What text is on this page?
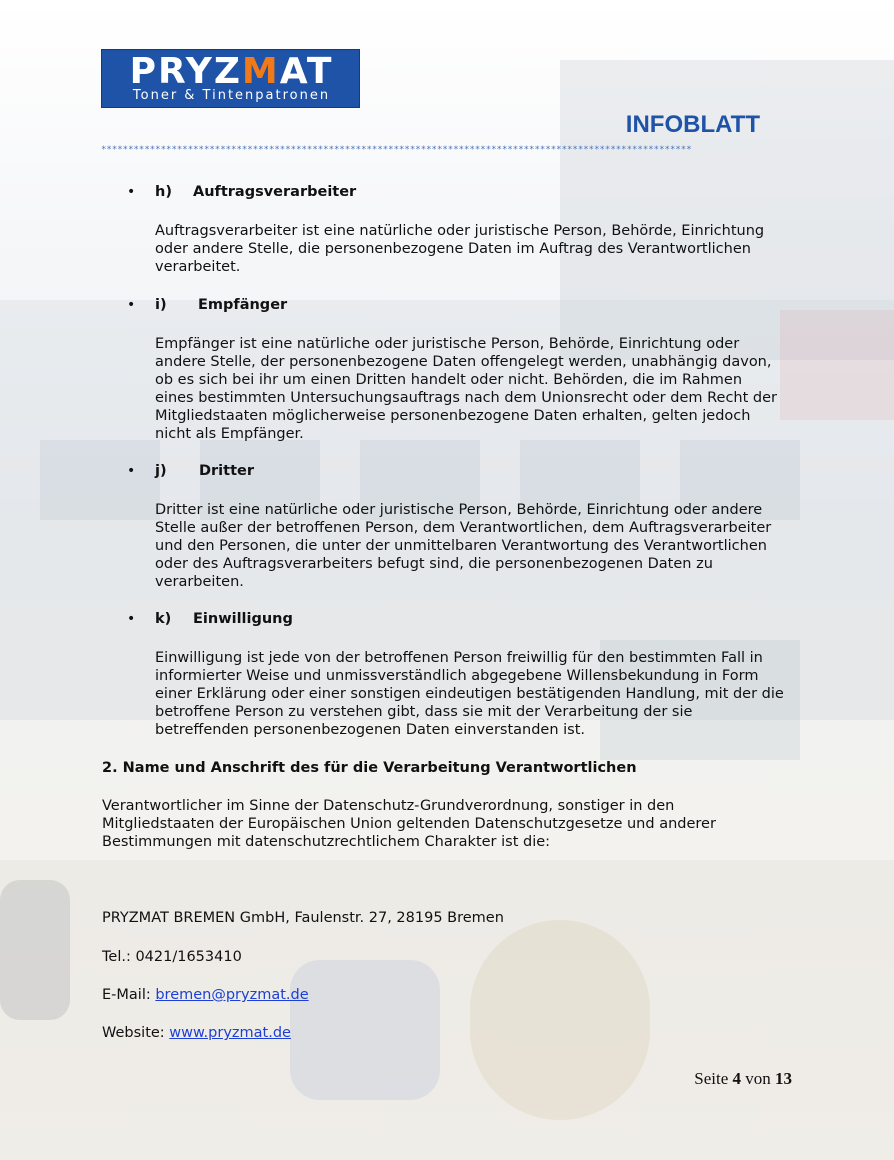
PRYZMAT
Toner & Tintenpatronen
INFOBLATT
*************************************************************************************************************
• h) Auftragsverarbeiter
Auftragsverarbeiter ist eine natürliche oder juristische Person, Behörde, Einrichtung
oder andere Stelle, die personenbezogene Daten im Auftrag des Verantwortlichen
verarbeitet.
• i) Empfänger
Empfänger ist eine natürliche oder juristische Person, Behörde, Einrichtung oder
andere Stelle, der personenbezogene Daten offengelegt werden, unabhängig davon,
ob es sich bei ihr um einen Dritten handelt oder nicht. Behörden, die im Rahmen
eines bestimmten Untersuchungsauftrags nach dem Unionsrecht oder dem Recht der
Mitgliedstaaten möglicherweise personenbezogene Daten erhalten, gelten jedoch
nicht als Empfänger.
• j) Dritter
Dritter ist eine natürliche oder juristische Person, Behörde, Einrichtung oder andere
Stelle außer der betroffenen Person, dem Verantwortlichen, dem Auftragsverarbeiter
und den Personen, die unter der unmittelbaren Verantwortung des Verantwortlichen
oder des Auftragsverarbeiters befugt sind, die personenbezogenen Daten zu
verarbeiten.
• k) Einwilligung
Einwilligung ist jede von der betroffenen Person freiwillig für den bestimmten Fall in
informierter Weise und unmissverständlich abgegebene Willensbekundung in Form
einer Erklärung oder einer sonstigen eindeutigen bestätigenden Handlung, mit der die
betroffene Person zu verstehen gibt, dass sie mit der Verarbeitung der sie
betreffenden personenbezogenen Daten einverstanden ist.
2. Name und Anschrift des für die Verarbeitung Verantwortlichen
Verantwortlicher im Sinne der Datenschutz-Grundverordnung, sonstiger in den
Mitgliedstaaten der Europäischen Union geltenden Datenschutzgesetze und anderer
Bestimmungen mit datenschutzrechtlichem Charakter ist die:
PRYZMAT BREMEN GmbH, Faulenstr. 27, 28195 Bremen
Tel.: 0421/1653410
E-Mail: bremen@pryzmat.de
Website: www.pryzmat.de
Seite 4 von 13
